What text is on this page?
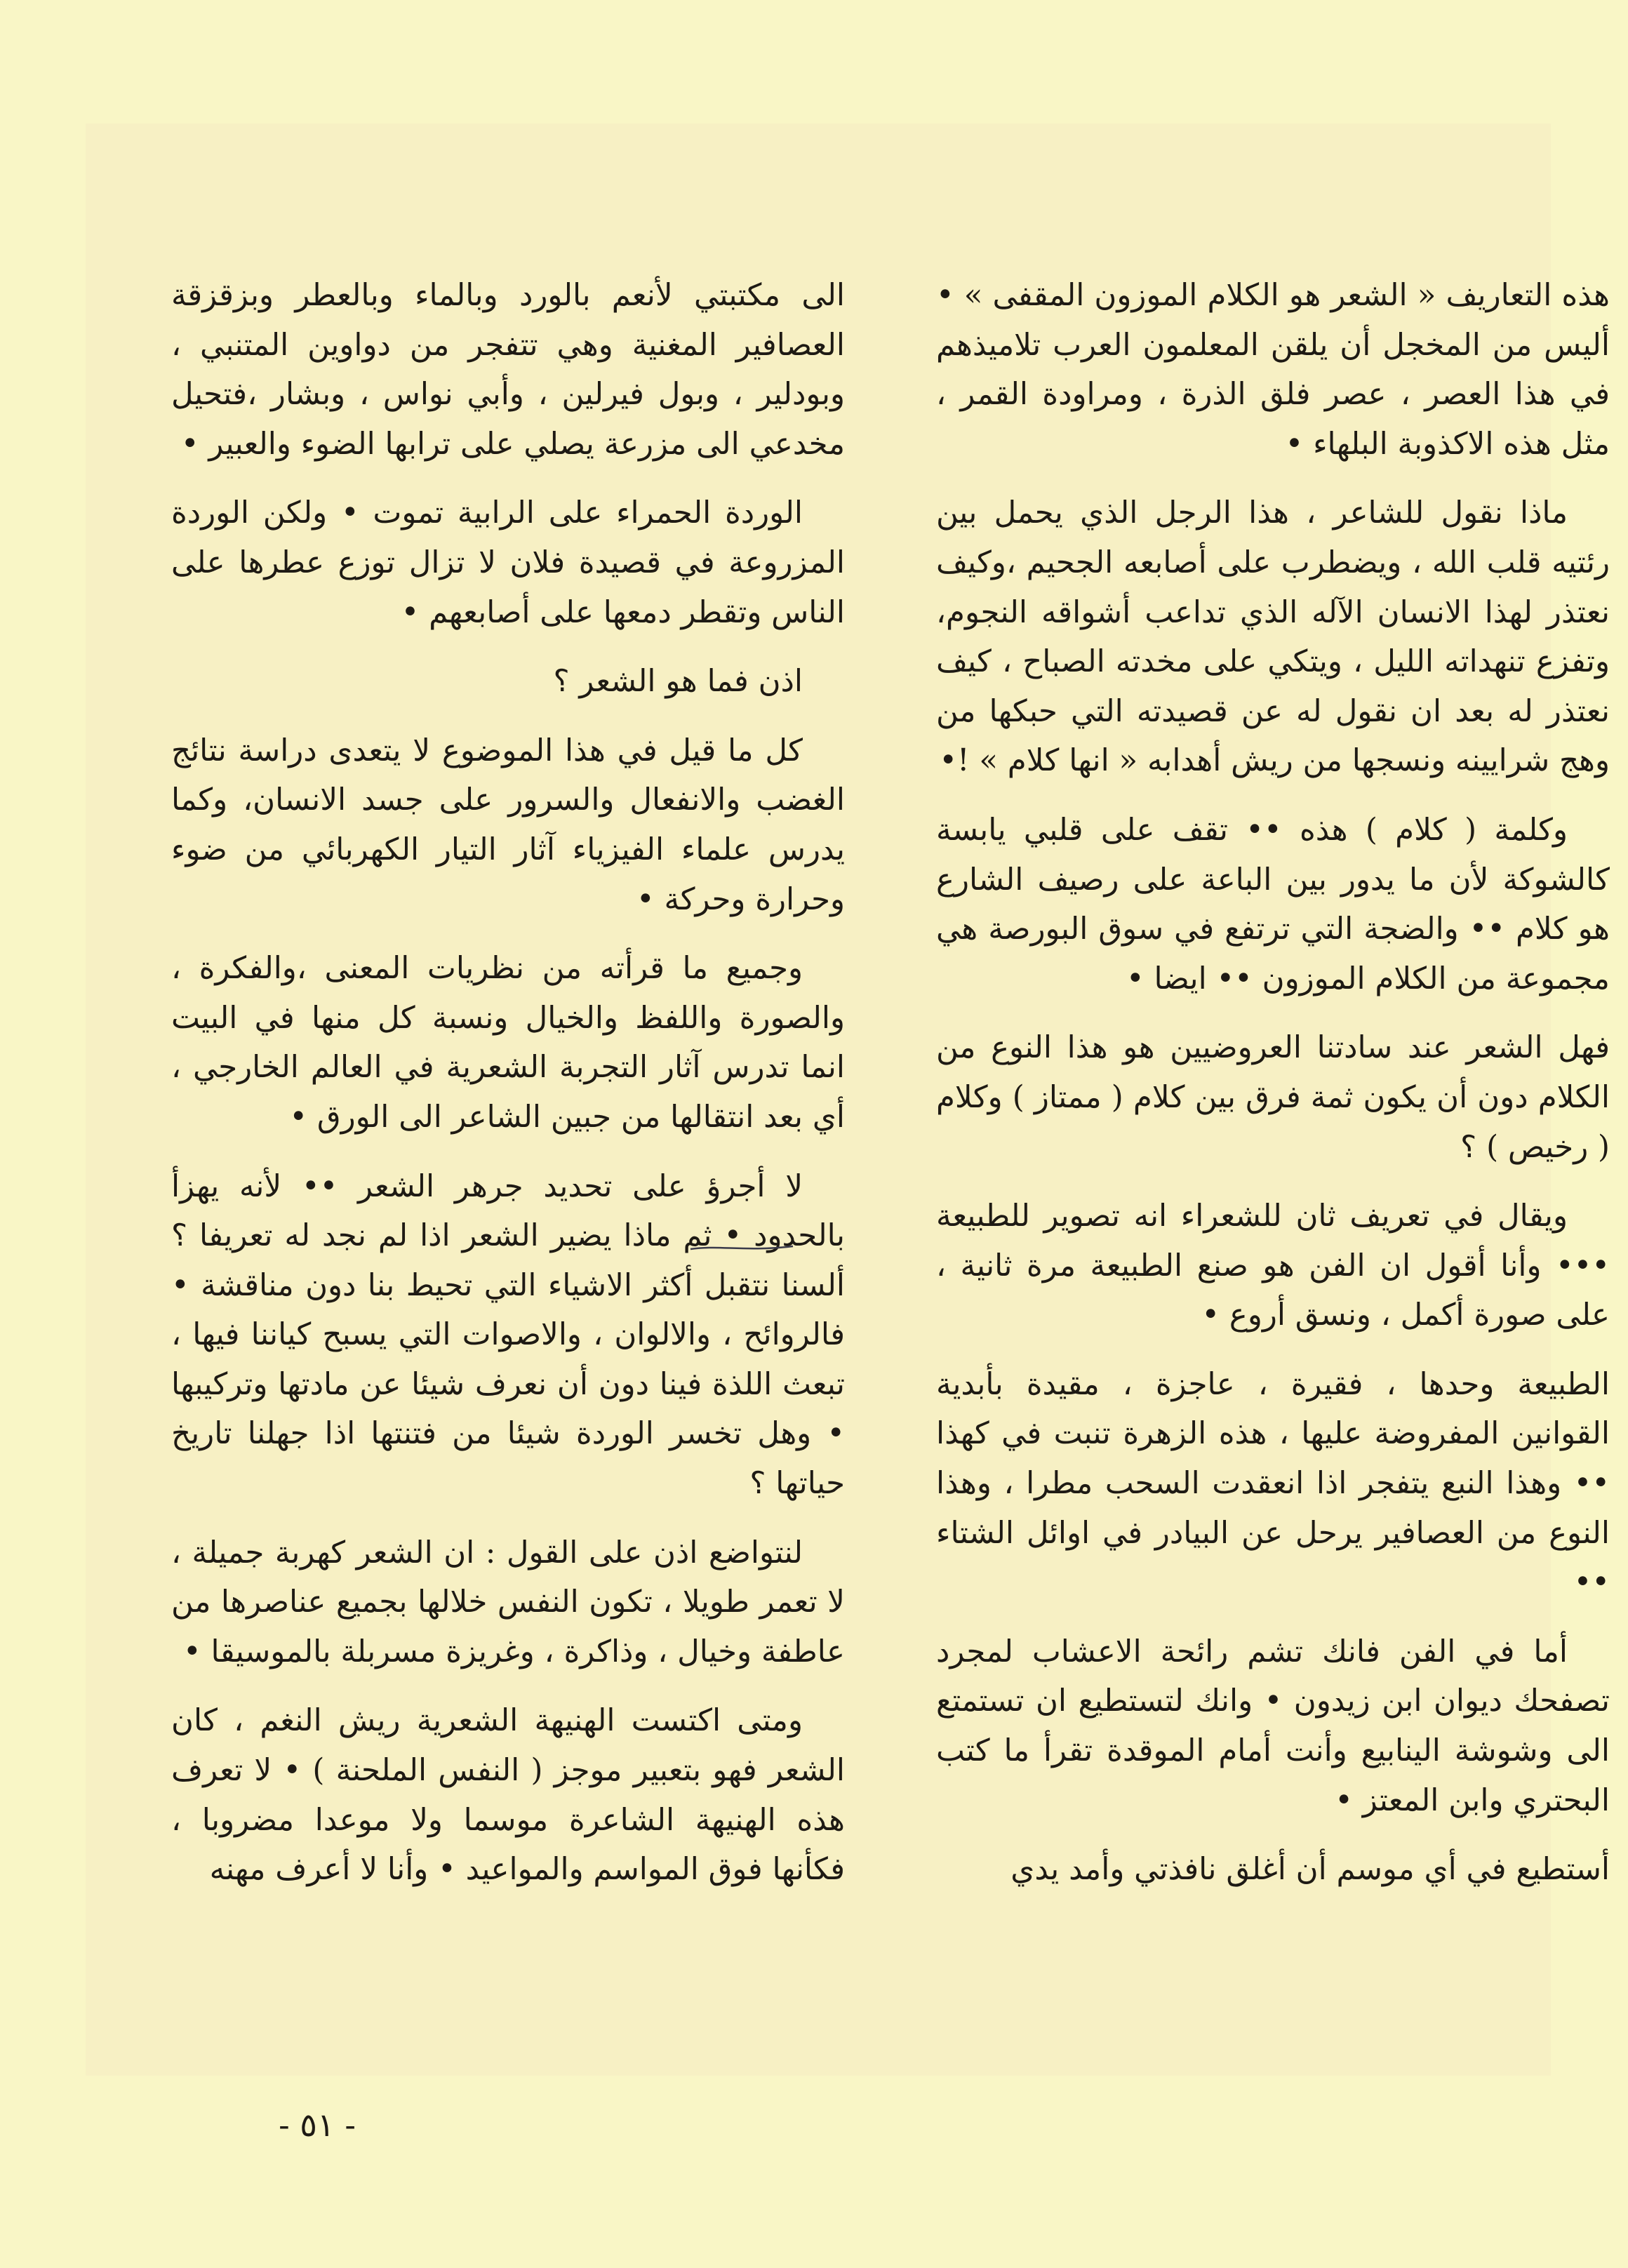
هذه التعاريف « الشعر هو الكلام الموزون المقفى » • أليس من المخجل أن يلقن المعلمون العرب تلاميذهم في هذا العصر ، عصر فلق الذرة ، ومراودة القمر ، مثل هذه الاكذوبة البلهاء •

ماذا نقول للشاعر ، هذا الرجل الذي يحمل بين رئتيه قلب الله ، ويضطرب على أصابعه الجحيم ،وكيف نعتذر لهذا الانسان الآله الذي تداعب أشواقه النجوم، وتفزع تنهداته الليل ، ويتكي على مخدته الصباح ، كيف نعتذر له بعد ان نقول له عن قصيدته التي حبكها من وهج شرايينه ونسجها من ريش أهدابه « انها كلام » !•

وكلمة ( كلام ) هذه •• تقف على قلبي يابسة كالشوكة لأن ما يدور بين الباعة على رصيف الشارع هو كلام •• والضجة التي ترتفع في سوق البورصة هي مجموعة من الكلام الموزون •• ايضا •

فهل الشعر عند سادتنا العروضيين هو هذا النوع من الكلام دون أن يكون ثمة فرق بين كلام ( ممتاز ) وكلام ( رخيص ) ؟

ويقال في تعريف ثان للشعراء انه تصوير للطبيعة ••• وأنا أقول ان الفن هو صنع الطبيعة مرة ثانية ، على صورة أكمل ، ونسق أروع •

الطبيعة وحدها ، فقيرة ، عاجزة ، مقيدة بأبدية القوانين المفروضة عليها ، هذه الزهرة تنبت في كهذا •• وهذا النبع يتفجر اذا انعقدت السحب مطرا ، وهذا النوع من العصافير يرحل عن البيادر في اوائل الشتاء ••

أما في الفن فانك تشم رائحة الاعشاب لمجرد تصفحك ديوان ابن زيدون • وانك لتستطيع ان تستمتع الى وشوشة الينابيع وأنت أمام الموقدة تقرأ ما كتب البحتري وابن المعتز •

أستطيع في أي موسم أن أغلق نافذتي وأمد يدي

الى مكتبتي لأنعم بالورد وبالماء وبالعطر وبزقزقة العصافير المغنية وهي تتفجر من دواوين المتنبي ، وبودلير ، وبول فيرلين ، وأبي نواس ، وبشار ،فتحيل مخدعي الى مزرعة يصلي على ترابها الضوء والعبير •

الوردة الحمراء على الرابية تموت • ولكن الوردة المزروعة في قصيدة فلان لا تزال توزع عطرها على الناس وتقطر دمعها على أصابعهم •

اذن فما هو الشعر ؟

كل ما قيل في هذا الموضوع لا يتعدى دراسة نتائج الغضب والانفعال والسرور على جسد الانسان، وكما يدرس علماء الفيزياء آثار التيار الكهربائي من ضوء وحرارة وحركة •

وجميع ما قرأته من نظريات المعنى ،والفكرة ، والصورة واللفظ والخيال ونسبة كل منها في البيت انما تدرس آثار التجربة الشعرية في العالم الخارجي ، أي بعد انتقالها من جبين الشاعر الى الورق •

لا أجرؤ على تحديد جرهر الشعر •• لأنه يهزأ بالحدود • ثم ماذا يضير الشعر اذا لم نجد له تعريفا ؟ ألسنا نتقبل أكثر الاشياء التي تحيط بنا دون مناقشة • فالروائح ، والالوان ، والاصوات التي يسبح كياننا فيها ، تبعث اللذة فينا دون أن نعرف شيئا عن مادتها وتركيبها • وهل تخسر الوردة شيئا من فتنتها اذا جهلنا تاريخ حياتها ؟

لنتواضع اذن على القول : ان الشعر كهربة جميلة ، لا تعمر طويلا ، تكون النفس خلالها بجميع عناصرها من عاطفة وخيال ، وذاكرة ، وغريزة مسربلة بالموسيقا •

ومتى اكتست الهنيهة الشعرية ريش النغم ، كان الشعر فهو بتعبير موجز ( النفس الملحنة ) • لا تعرف هذه الهنيهة الشاعرة موسما ولا موعدا مضروبا ، فكأنها فوق المواسم والمواعيد • وأنا لا أعرف مهنه

- ٥١ -
